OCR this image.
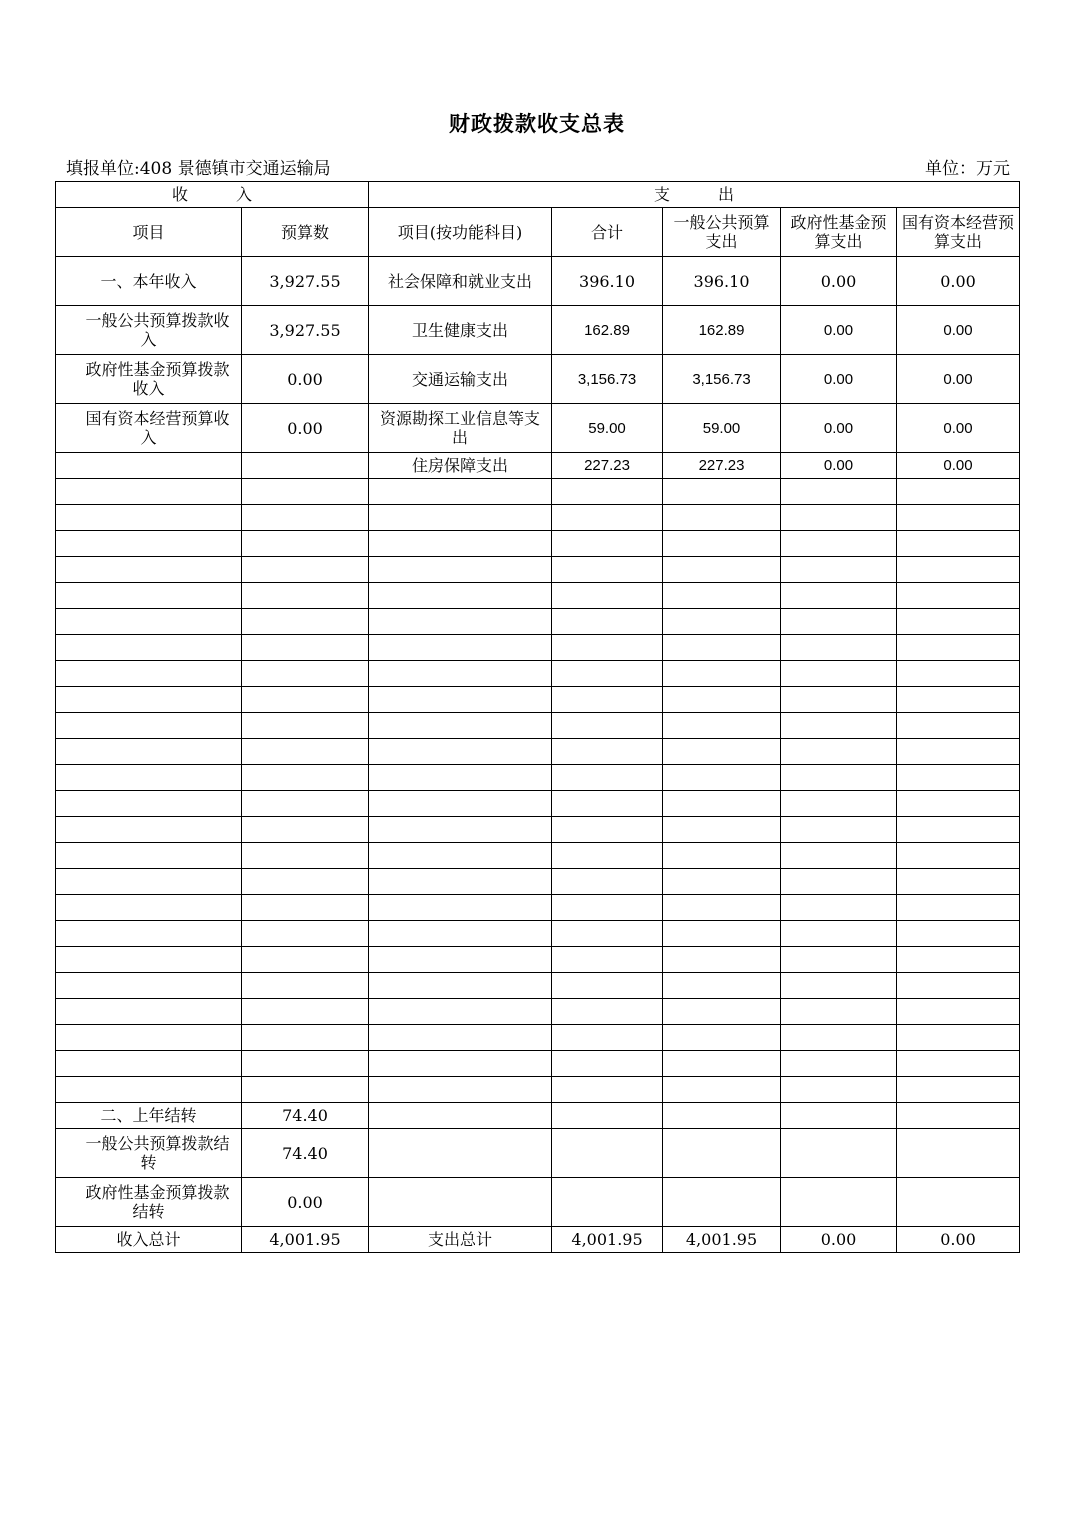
财政拨款收支总表
填报单位:408 景德镇市交通运输局	单位：万元
收　　　入		支　　　出				
项目	预算数	项目(按功能科目)	合计	一般公共预算支出	政府性基金预算支出	国有资本经营预算支出
一、本年收入	3,927.55	社会保障和就业支出	396.10	396.10	0.00	0.00
一般公共预算拨款收入	3,927.55	卫生健康支出	162.89	162.89	0.00	0.00
政府性基金预算拨款收入	0.00	交通运输支出	3,156.73	3,156.73	0.00	0.00
国有资本经营预算收入	0.00	资源勘探工业信息等支出	59.00	59.00	0.00	0.00
		住房保障支出	227.23	227.23	0.00	0.00

二、上年结转	74.40					
一般公共预算拨款结转	74.40					
政府性基金预算拨款结转	0.00					
收入总计	4,001.95	支出总计	4,001.95	4,001.95	0.00	0.00
